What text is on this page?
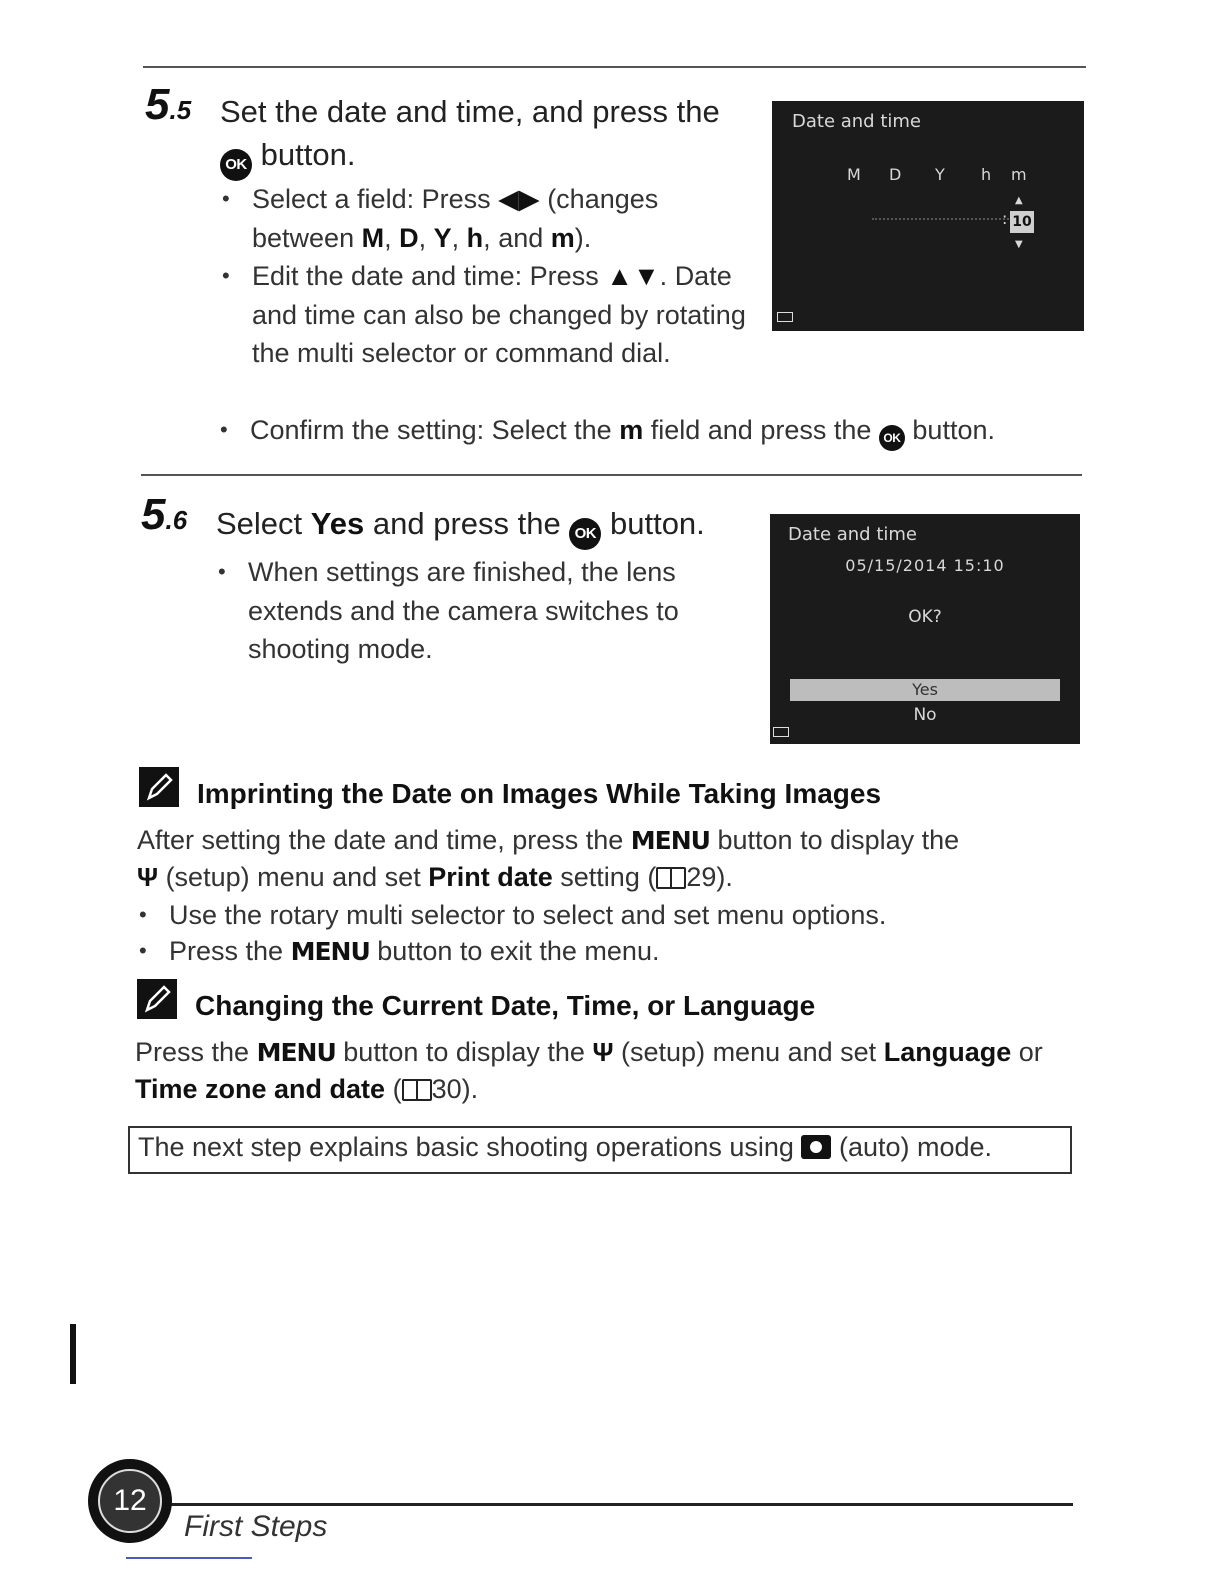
5.5 Set the date and time, and press the
OK button.
• Select a field: Press ◀▶ (changes between M, D, Y, h, and m).
• Edit the date and time: Press ▲▼. Date and time can also be changed by rotating the multi selector or command dial.
• Confirm the setting: Select the m field and press the OK button.
Date and time
M D Y h m
▲
: 10
▼
5.6 Select Yes and press the OK button.
• When settings are finished, the lens extends and the camera switches to shooting mode.
Date and time
05/15/2014 15:10
OK?
Yes
No
Imprinting the Date on Images While Taking Images
After setting the date and time, press the MENU button to display the
Ψ (setup) menu and set Print date setting ( 29).
• Use the rotary multi selector to select and set menu options.
• Press the MENU button to exit the menu.
Changing the Current Date, Time, or Language
Press the MENU button to display the Ψ (setup) menu and set Language or
Time zone and date ( 30).
The next step explains basic shooting operations using (auto) mode.
12
First Steps
